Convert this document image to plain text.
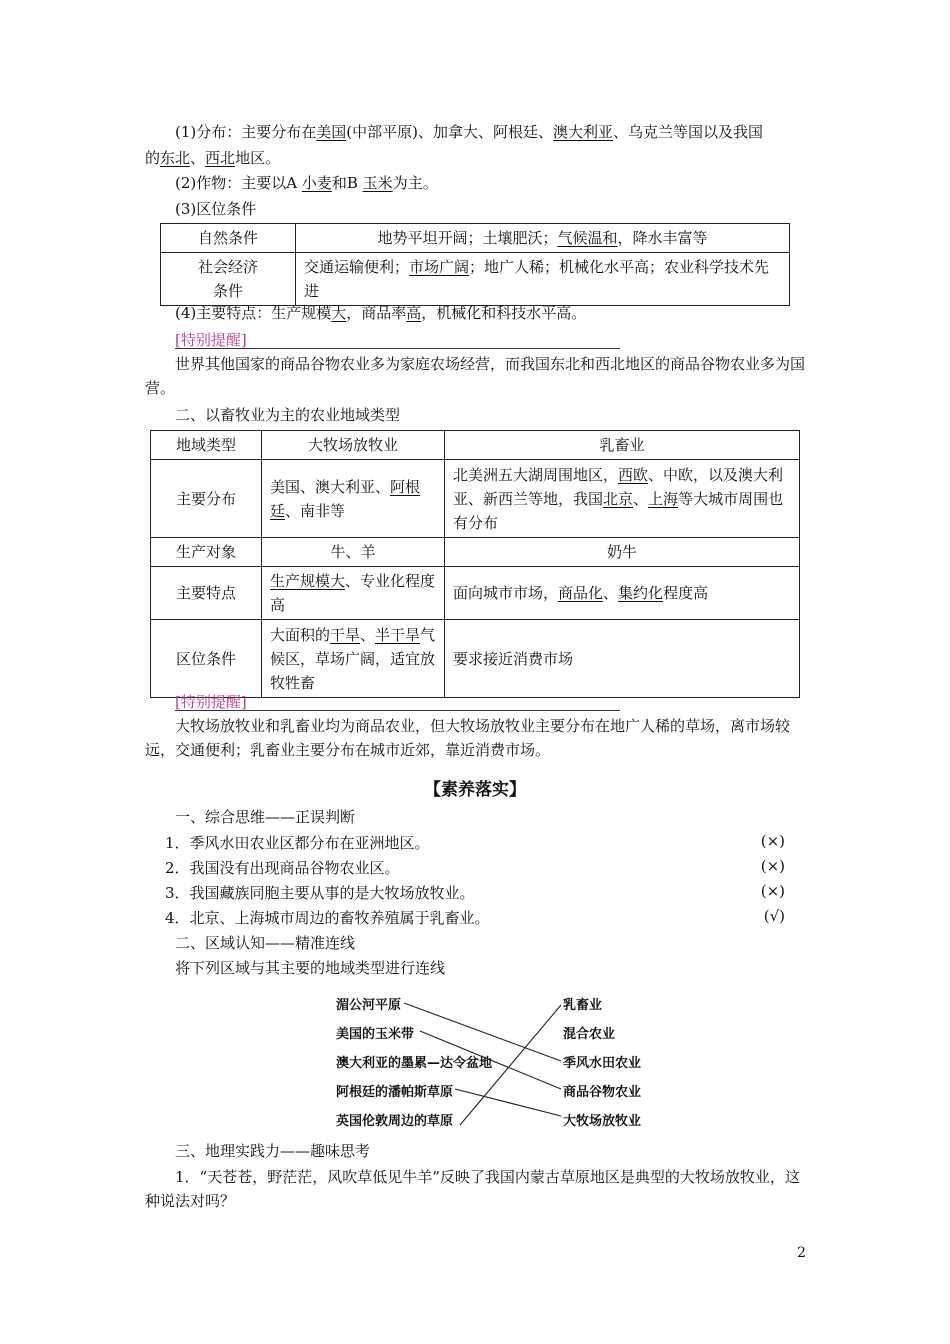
(1)分布：主要分布在美国(中部平原)、加拿大、阿根廷、澳大利亚、乌克兰等国以及我国
的东北、西北地区。
(2)作物：主要以A 小麦和B 玉米为主。
(3)区位条件
自然条件	地势平坦开阔；土壤肥沃；气候温和，降水丰富等
社会经济条件	交通运输便利；市场广阔；地广人稀；机械化水平高；农业科学技术先进
(4)主要特点：生产规模大，商品率高，机械化和科技水平高。
[特别提醒]
世界其他国家的商品谷物农业多为家庭农场经营，而我国东北和西北地区的商品谷物农业多为国营。
二、以畜牧业为主的农业地域类型
地域类型	大牧场放牧业	乳畜业
主要分布	美国、澳大利亚、阿根廷、南非等	北美洲五大湖周围地区，西欧、中欧，以及澳大利亚、新西兰等地，我国北京、上海等大城市周围也有分布
生产对象	牛、羊	奶牛
主要特点	生产规模大、专业化程度高	面向城市市场，商品化、集约化程度高
区位条件	大面积的干旱、半干旱气候区，草场广阔，适宜放牧牲畜	要求接近消费市场
[特别提醒]
大牧场放牧业和乳畜业均为商品农业，但大牧场放牧业主要分布在地广人稀的草场，离市场较远，交通便利；乳畜业主要分布在城市近郊，靠近消费市场。
【素养落实】
一、综合思维——正误判断
1．季风水田农业区都分布在亚洲地区。	(×)
2．我国没有出现商品谷物农业区。	(×)
3．我国藏族同胞主要从事的是大牧场放牧业。	(×)
4．北京、上海城市周边的畜牧养殖属于乳畜业。	(√)
二、区域认知——精准连线
将下列区域与其主要的地域类型进行连线
湄公河平原
美国的玉米带
澳大利亚的墨累—达令盆地
阿根廷的潘帕斯草原
英国伦敦周边的草原
乳畜业
混合农业
季风水田农业
商品谷物农业
大牧场放牧业
三、地理实践力——趣味思考
1．“天苍苍，野茫茫，风吹草低见牛羊”反映了我国内蒙古草原地区是典型的大牧场放牧业，这种说法对吗？
2
